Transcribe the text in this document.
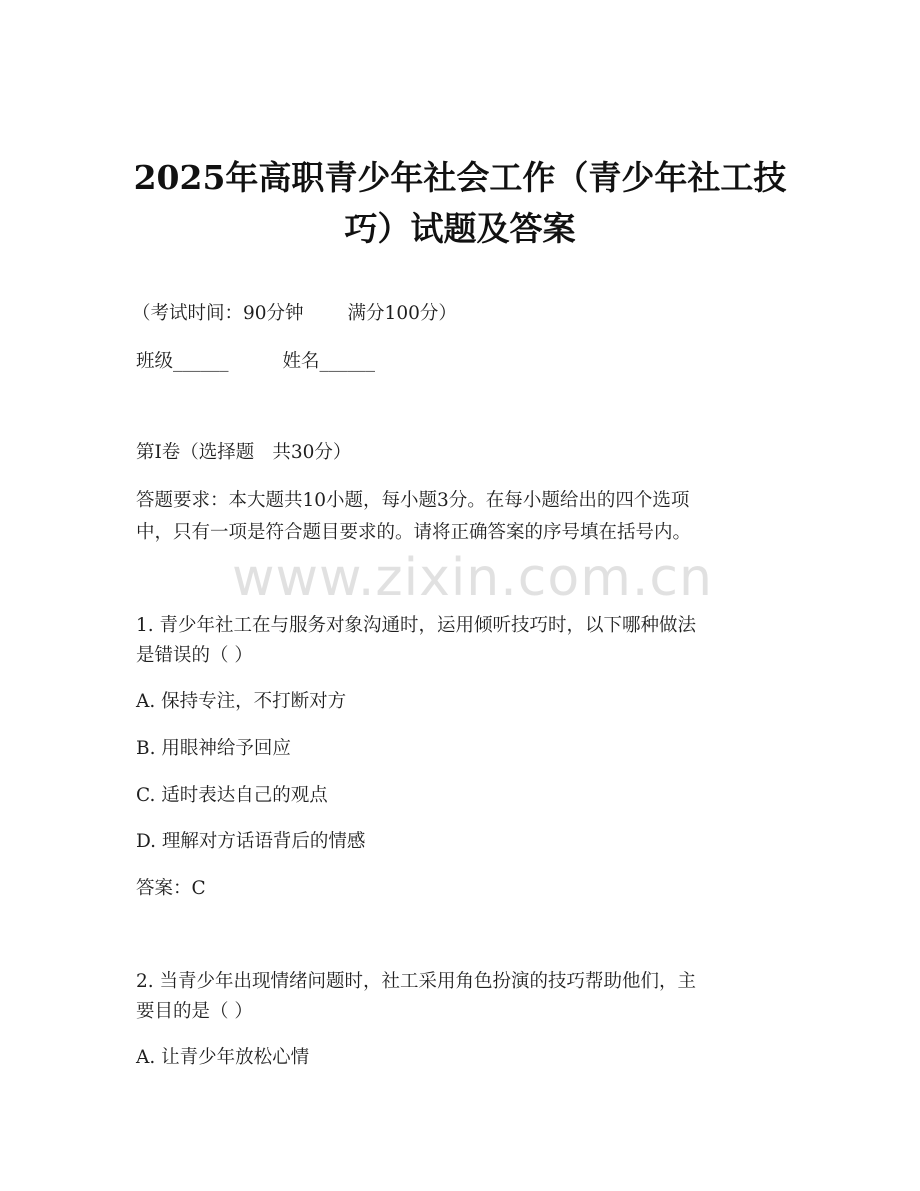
2025年高职青少年社会工作（青少年社工技
巧）试题及答案
（考试时间：90分钟 满分100分）
班级______	姓名______
第I卷（选择题 共30分）
答题要求：本大题共10小题，每小题3分。在每小题给出的四个选项
中，只有一项是符合题目要求的。请将正确答案的序号填在括号内。
www.zixin.com.cn
1. 青少年社工在与服务对象沟通时，运用倾听技巧时，以下哪种做法
是错误的（ ）
A. 保持专注，不打断对方
B. 用眼神给予回应
C. 适时表达自己的观点
D. 理解对方话语背后的情感
答案：C
2. 当青少年出现情绪问题时，社工采用角色扮演的技巧帮助他们，主
要目的是（ ）
A. 让青少年放松心情
